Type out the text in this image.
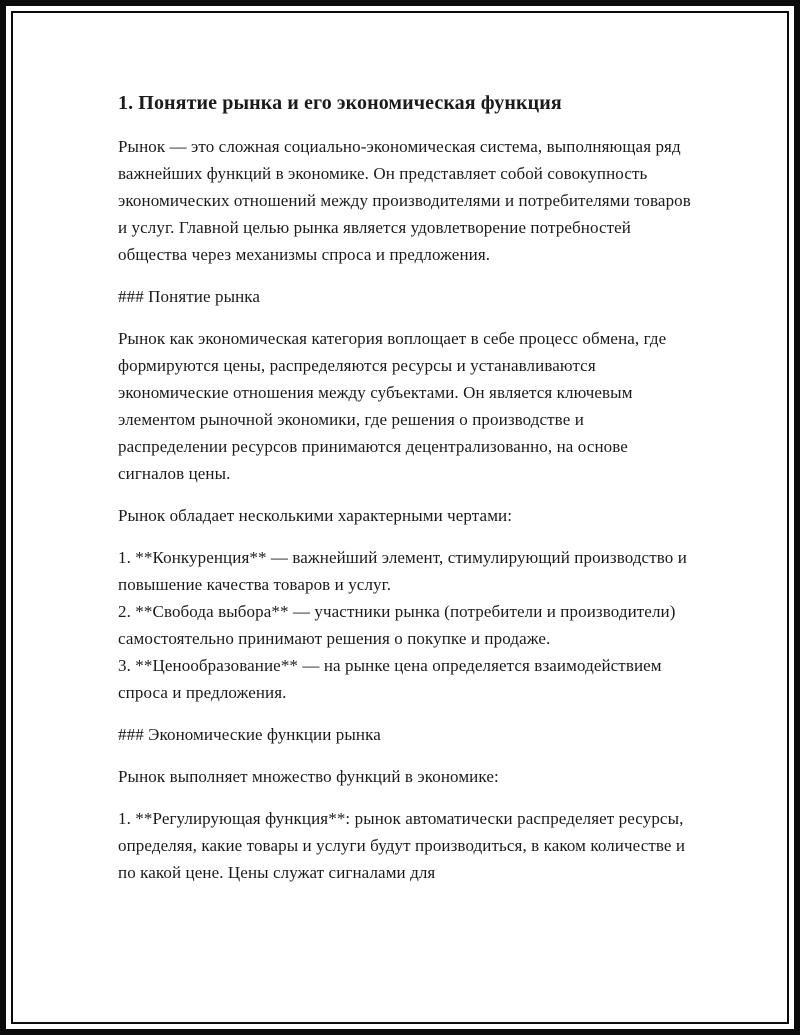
1. Понятие рынка и его экономическая функция

Рынок — это сложная социально-экономическая система, выполняющая ряд важнейших функций в экономике. Он представляет собой совокупность экономических отношений между производителями и потребителями товаров и услуг. Главной целью рынка является удовлетворение потребностей общества через механизмы спроса и предложения.

### Понятие рынка

Рынок как экономическая категория воплощает в себе процесс обмена, где формируются цены, распределяются ресурсы и устанавливаются экономические отношения между субъектами. Он является ключевым элементом рыночной экономики, где решения о производстве и распределении ресурсов принимаются децентрализованно, на основе сигналов цены.

Рынок обладает несколькими характерными чертами:

1. **Конкуренция** — важнейший элемент, стимулирующий производство и повышение качества товаров и услуг.

2. **Свобода выбора** — участники рынка (потребители и производители) самостоятельно принимают решения о покупке и продаже.

3. **Ценообразование** — на рынке цена определяется взаимодействием спроса и предложения.

### Экономические функции рынка

Рынок выполняет множество функций в экономике:

1. **Регулирующая функция**: рынок автоматически распределяет ресурсы, определяя, какие товары и услуги будут производиться, в каком количестве и по какой цене. Цены служат сигналами для
